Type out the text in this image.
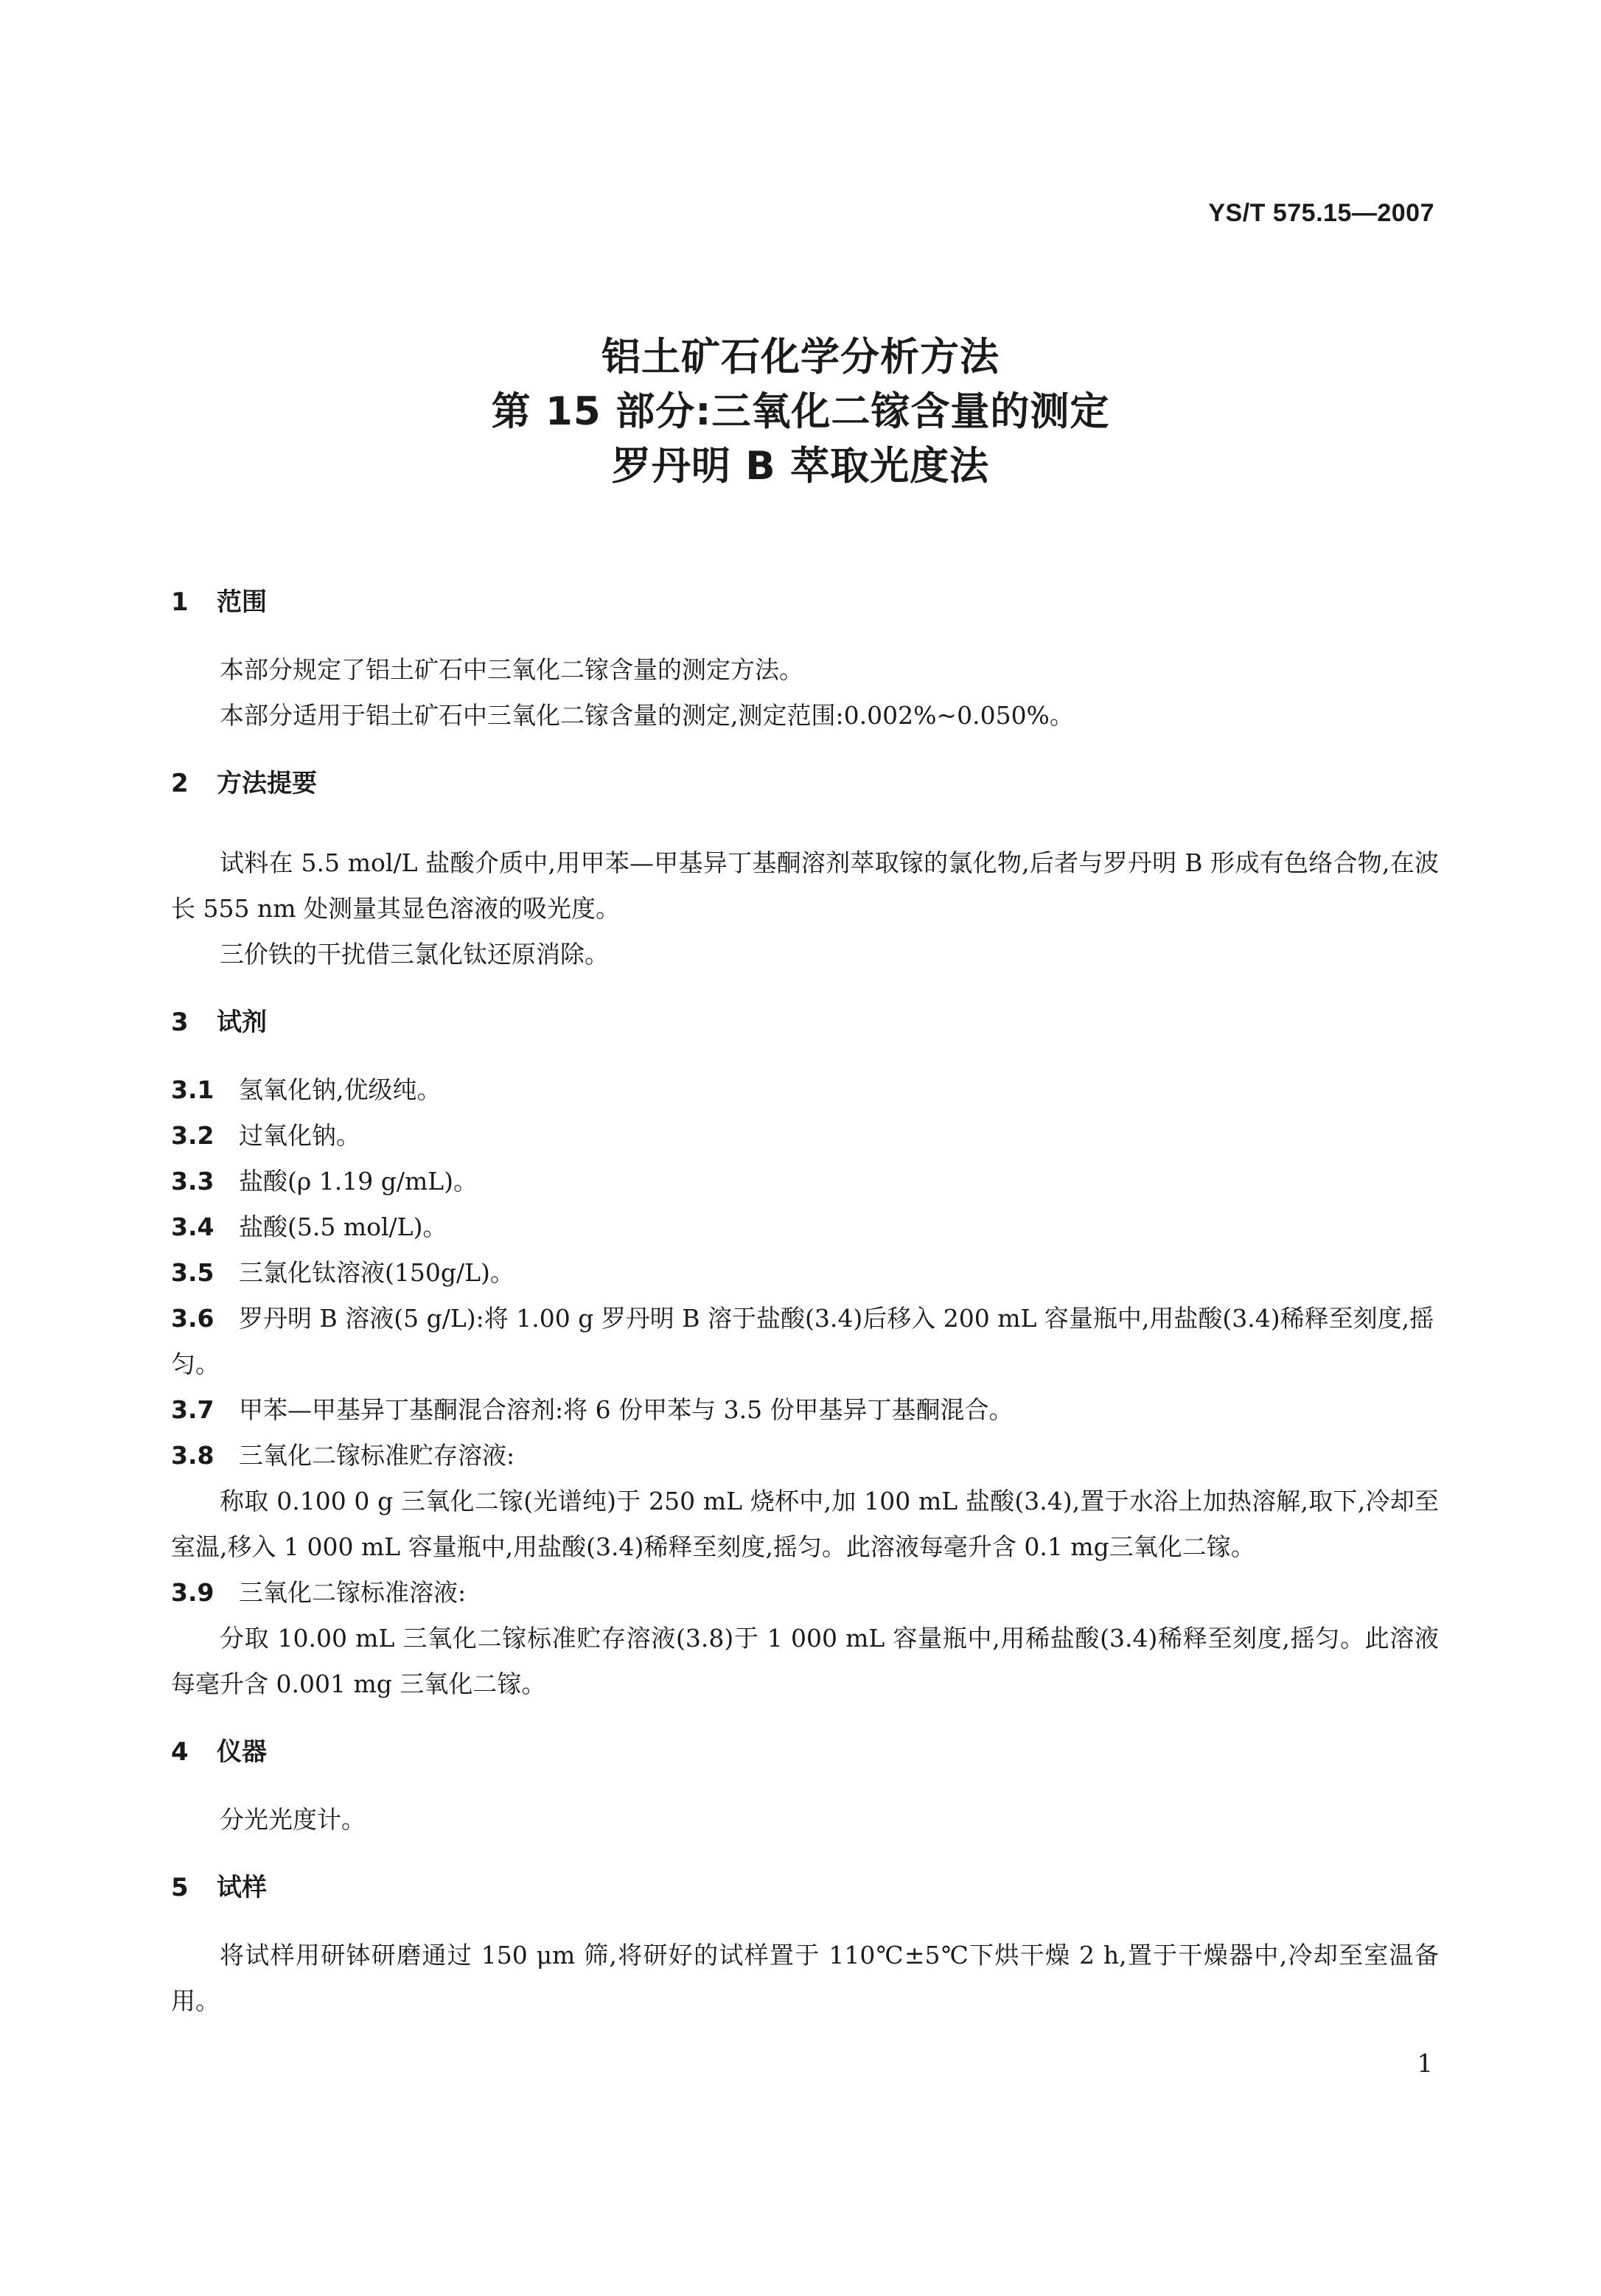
YS/T 575.15—2007
铝土矿石化学分析方法
第 15 部分:三氧化二镓含量的测定
罗丹明 B 萃取光度法
1 范围

本部分规定了铝土矿石中三氧化二镓含量的测定方法。

本部分适用于铝土矿石中三氧化二镓含量的测定,测定范围:0.002%~0.050%。

2 方法提要

试料在 5.5 mol/L 盐酸介质中,用甲苯—甲基异丁基酮溶剂萃取镓的氯化物,后者与罗丹明 B 形成有色络合物,在波长 555 nm 处测量其显色溶液的吸光度。

三价铁的干扰借三氯化钛还原消除。

3 试剂

3.1 氢氧化钠,优级纯。

3.2 过氧化钠。

3.3 盐酸(ρ 1.19 g/mL)。

3.4 盐酸(5.5 mol/L)。

3.5 三氯化钛溶液(150g/L)。

3.6 罗丹明 B 溶液(5 g/L):将 1.00 g 罗丹明 B 溶于盐酸(3.4)后移入 200 mL 容量瓶中,用盐酸(3.4)稀释至刻度,摇匀。

3.7 甲苯—甲基异丁基酮混合溶剂:将 6 份甲苯与 3.5 份甲基异丁基酮混合。

3.8 三氧化二镓标准贮存溶液:

称取 0.100 0 g 三氧化二镓(光谱纯)于 250 mL 烧杯中,加 100 mL 盐酸(3.4),置于水浴上加热溶解,取下,冷却至室温,移入 1 000 mL 容量瓶中,用盐酸(3.4)稀释至刻度,摇匀。此溶液每毫升含 0.1 mg三氧化二镓。

3.9 三氧化二镓标准溶液:

分取 10.00 mL 三氧化二镓标准贮存溶液(3.8)于 1 000 mL 容量瓶中,用稀盐酸(3.4)稀释至刻度,摇匀。此溶液每毫升含 0.001 mg 三氧化二镓。

4 仪器

分光光度计。

5 试样

将试样用研钵研磨通过 150 μm 筛,将研好的试样置于 110℃±5℃下烘干燥 2 h,置于干燥器中,冷却至室温备用。

1
